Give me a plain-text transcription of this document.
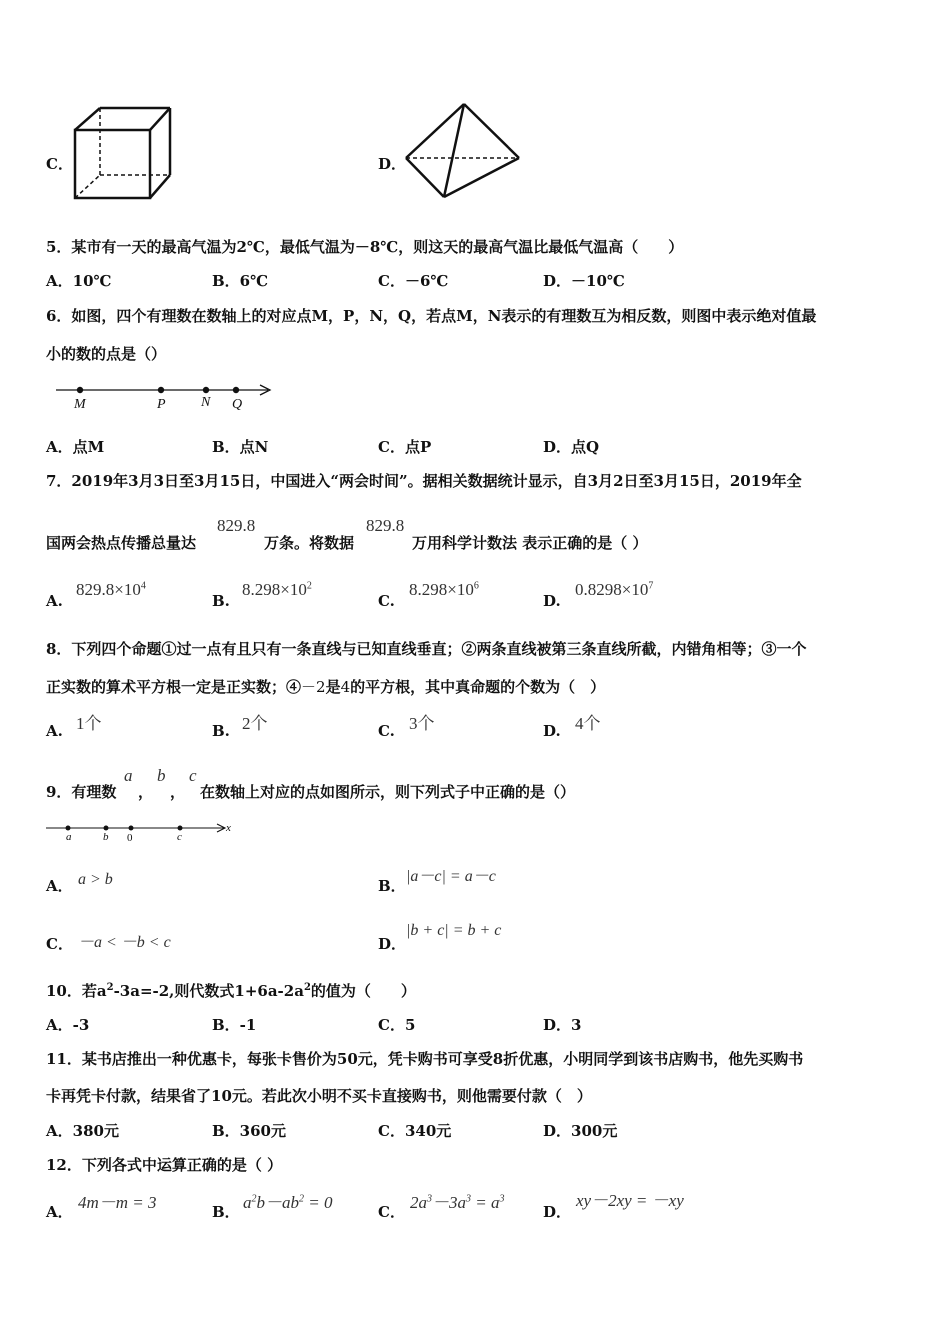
C．	D．
5．某市有一天的最高气温为2℃，最低气温为－8℃，则这天的最高气温比最低气温高（　　）
A．10℃	B．6℃	C．－6℃	D．－10℃
6．如图，四个有理数在数轴上的对应点M，P，N，Q，若点M，N表示的有理数互为相反数，则图中表示绝对值最
小的数的点是（）
M	P	N Q
A．点M	B．点N	C．点P	D．点Q
7．2019年3月3日至3月15日，中国进入“两会时间”。据相关数据统计显示，自3月2日至3月15日，2019年全
国两会热点传播总量达
829.8
万条。将数据
829.8
万用科学计数法 表示正确的是（ ）
A.
$829.8\times 10^4$
B.
$8.298\times 10^2$
C.
$8.298\times 10^6$
D.
$0.8298\times 10^7$
8．下列四个命题①过一点有且只有一条直线与已知直线垂直；②两条直线被第三条直线所截，内错角相等；③一个
正实数的算术平方根一定是正实数；④－2是4的平方根，其中真命题的个数为（　）
A. 1个	B. 2个	C. 3个	D. 4个
9．有理数
a
，
b
，
c
在数轴上对应的点如图所示，则下列式子中正确的是（）
a	b 0	c
x
A． a > b	B．
|a－c| = a－c
C． －a < －b < c	D．
|b + c| = b + c
10．若$a^2-3a=-2$,则代数式$1+6a-2a^2$的值为（　　）
A．-3	B．-1	C．5	D．3
11．某书店推出一种优惠卡，每张卡售价为50元，凭卡购书可享受8折优惠，小明同学到该书店购书，他先买购书
卡再凭卡付款，结果省了10元。若此次小明不买卡直接购书，则他需要付款（　）
A．380元	B．360元	C．340元	D．300元
12．下列各式中运算正确的是（ ）
A． 4m－m = 3	B． $a^2b-ab^2 = 0$	C． $2a^3-3a^3 = a^3$
D．
xy－2xy = －xy
